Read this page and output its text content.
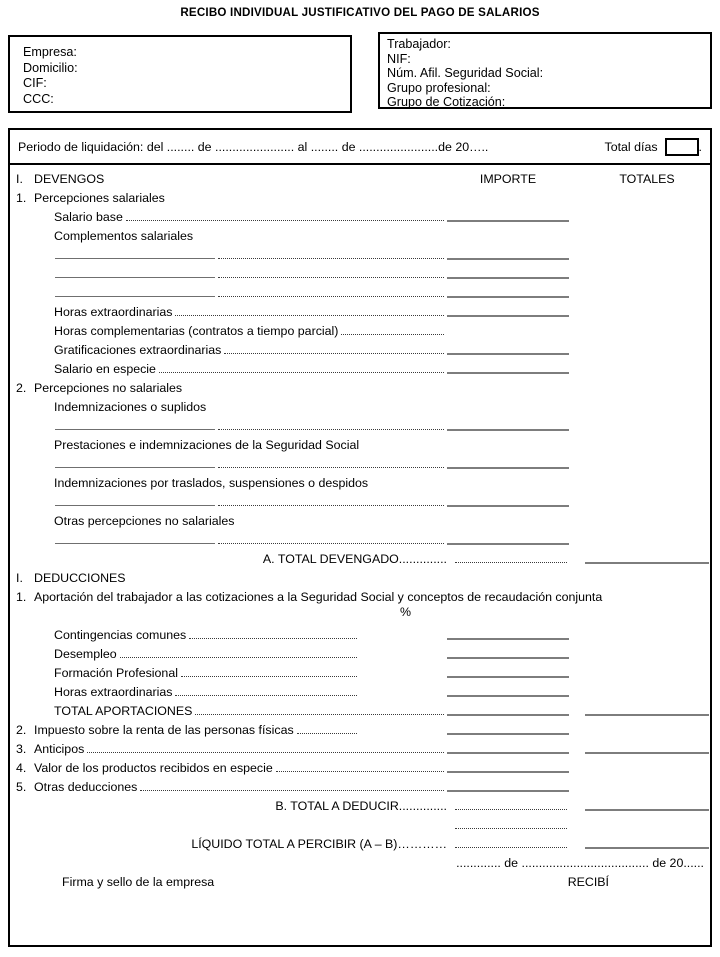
RECIBO INDIVIDUAL JUSTIFICATIVO DEL PAGO DE SALARIOS
Empresa:
Domicilio:
CIF:
CCC:
Trabajador:
NIF:
Núm. Afil. Seguridad Social:
Grupo profesional:
Grupo de Cotización:
Periodo de liquidación: del ........ de ....................... al ........ de .......................de 20…..	Total días	.
I. DEVENGOS	IMPORTE	TOTALES
1. Percepciones salariales
Salario base
Complementos salariales
Horas extraordinarias
Horas complementarias (contratos a tiempo parcial)
Gratificaciones extraordinarias
Salario en especie
2. Percepciones no salariales
Indemnizaciones o suplidos
Prestaciones e indemnizaciones de la Seguridad Social
Indemnizaciones por traslados, suspensiones o despidos
Otras percepciones no salariales
A. TOTAL DEVENGADO..............
I. DEDUCCIONES
1. Aportación del trabajador a las cotizaciones a la Seguridad Social y conceptos de recaudación conjunta
%
Contingencias comunes
Desempleo
Formación Profesional
Horas extraordinarias
TOTAL APORTACIONES
2. Impuesto sobre la renta de las personas físicas
3. Anticipos
4. Valor de los productos recibidos en especie
5. Otras deducciones
B. TOTAL A DEDUCIR..............
LÍQUIDO TOTAL A PERCIBIR (A – B)…………
............. de ..................................... de 20......
Firma y sello de la empresa	RECIBÍ
